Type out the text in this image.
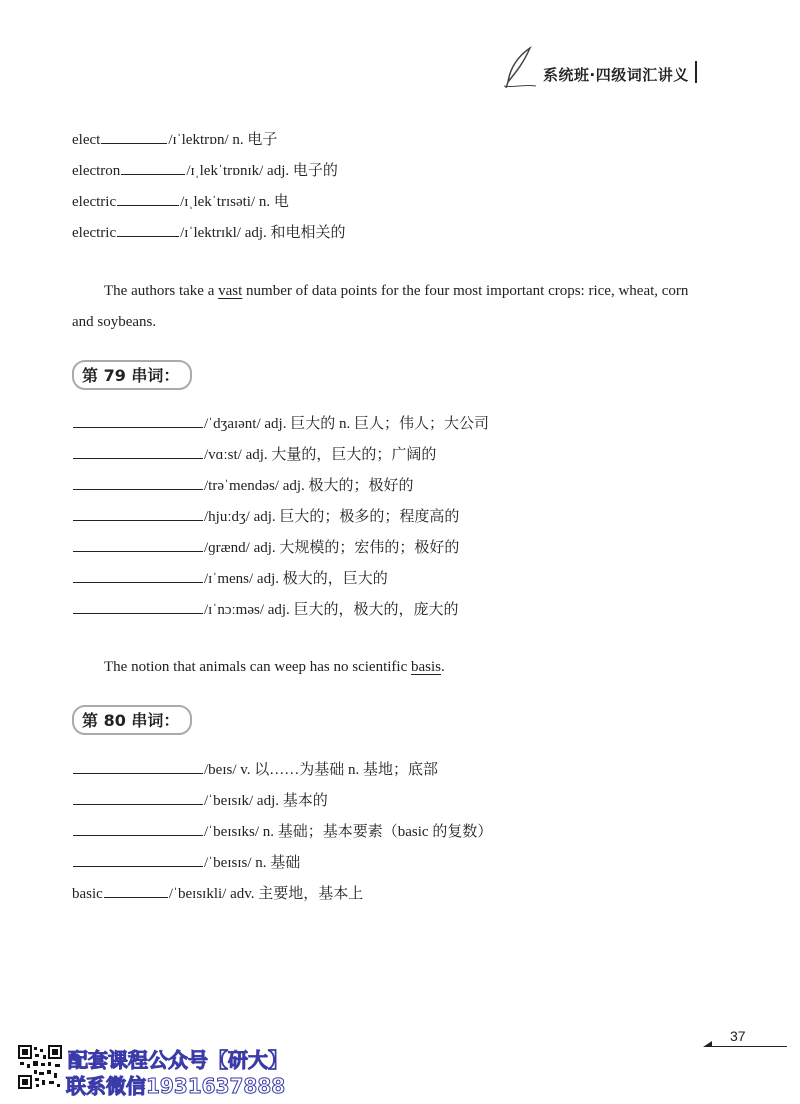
系统班·四级词汇讲义
elect	/ɪˈlektrɒn/ n. 电子
electron	/ɪˌlekˈtrɒnɪk/ adj. 电子的
electric	/ɪˌlekˈtrɪsəti/ n. 电
electric	/ɪˈlektrɪkl/ adj. 和电相关的
The authors take a vast number of data points for the four most important crops: rice, wheat, corn and soybeans.
第 79 串词：
/ˈdʒaɪənt/ adj. 巨大的 n. 巨人；伟人；大公司
/vɑːst/ adj. 大量的，巨大的；广阔的
/trəˈmendəs/ adj. 极大的；极好的
/hjuːdʒ/ adj. 巨大的；极多的；程度高的
/ɡrænd/ adj. 大规模的；宏伟的；极好的
/ɪˈmens/ adj. 极大的，巨大的
/ɪˈnɔːməs/ adj. 巨大的，极大的，庞大的
The notion that animals can weep has no scientific basis.
第 80 串词：
/beɪs/ v. 以……为基础 n. 基地；底部
/ˈbeɪsɪk/ adj. 基本的
/ˈbeɪsɪks/ n. 基础；基本要素（basic 的复数）
/ˈbeɪsɪs/ n. 基础
basic	/ˈbeɪsɪkli/ adv. 主要地，基本上
配套课程公众号【研大】
联系微信1931637888
37
